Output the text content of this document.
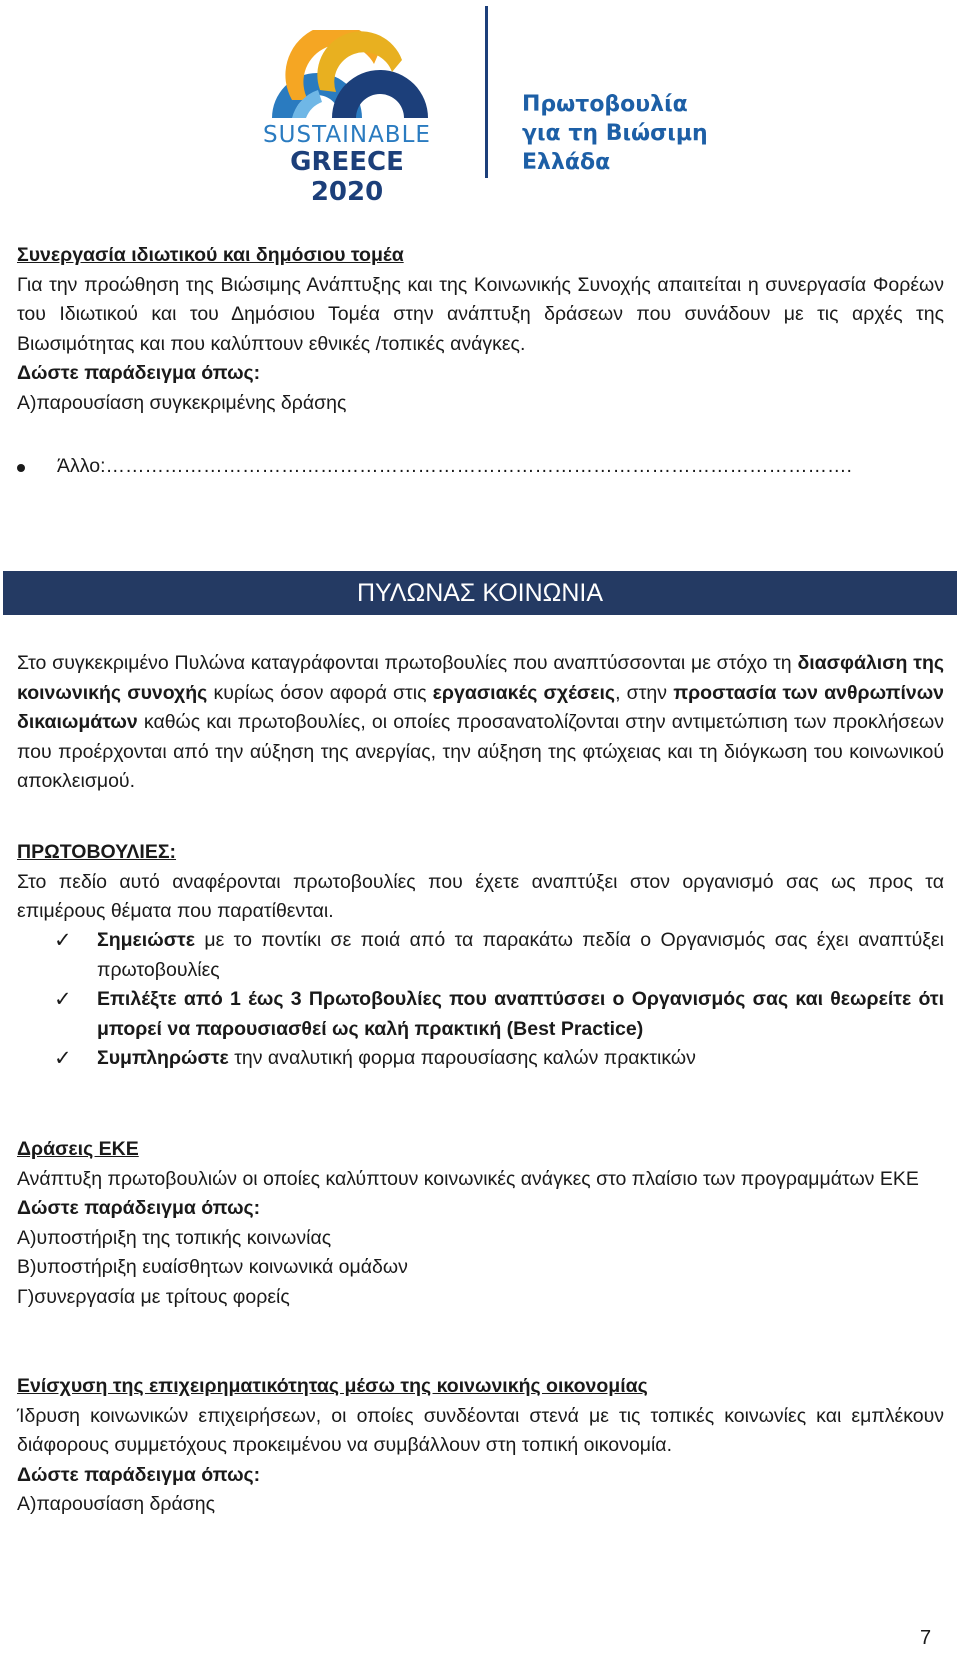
SUSTAINABLE
GREECE 2020
Πρωτοβουλία
για τη Βιώσιμη
Ελλάδα
Συνεργασία ιδιωτικού και δημόσιου τομέα
Για την προώθηση της Βιώσιμης Ανάπτυξης και της Κοινωνικής Συνοχής απαιτείται η συνεργασία Φορέων του Ιδιωτικού και του Δημόσιου Τομέα στην ανάπτυξη δράσεων που συνάδουν με τις αρχές της Βιωσιμότητας και που καλύπτουν εθνικές /τοπικές ανάγκες.
Δώστε παράδειγμα όπως:
Α)παρουσίαση συγκεκριμένης δράσης
Άλλο:…………………………………………………………………………………………………….
ΠΥΛΩΝΑΣ ΚΟΙΝΩΝΙΑ
Στο συγκεκριμένο Πυλώνα καταγράφονται πρωτοβουλίες που αναπτύσσονται με στόχο τη διασφάλιση της κοινωνικής συνοχής κυρίως όσον αφορά στις εργασιακές σχέσεις, στην προστασία των ανθρωπίνων δικαιωμάτων καθώς και πρωτοβουλίες, οι οποίες προσανατολίζονται στην αντιμετώπιση των προκλήσεων που προέρχονται από την αύξηση της ανεργίας, την αύξηση της φτώχειας και τη διόγκωση του κοινωνικού αποκλεισμού.
ΠΡΩΤΟΒΟΥΛΙΕΣ:
Στο πεδίο αυτό αναφέρονται πρωτοβουλίες που έχετε αναπτύξει στον οργανισμό σας ως προς τα επιμέρους θέματα που παρατίθενται.
✓ Σημειώστε με το ποντίκι σε ποιά από τα παρακάτω πεδία ο Οργανισμός σας έχει αναπτύξει πρωτοβουλίες
✓ Επιλέξτε από 1 έως 3 Πρωτοβουλίες που αναπτύσσει ο Οργανισμός σας και θεωρείτε ότι μπορεί να παρουσιασθεί ως καλή πρακτική (Best Practice)
✓ Συμπληρώστε την αναλυτική φορμα παρουσίασης καλών πρακτικών
Δράσεις ΕΚΕ
Ανάπτυξη πρωτοβουλιών οι οποίες καλύπτουν κοινωνικές ανάγκες στο πλαίσιο των προγραμμάτων ΕΚΕ
Δώστε παράδειγμα όπως:
Α)υποστήριξη της τοπικής κοινωνίας
Β)υποστήριξη ευαίσθητων κοινωνικά ομάδων
Γ)συνεργασία με τρίτους φορείς
Ενίσχυση της επιχειρηματικότητας μέσω της κοινωνικής οικονομίας
Ίδρυση κοινωνικών επιχειρήσεων, οι οποίες συνδέονται στενά με τις τοπικές κοινωνίες και εμπλέκουν διάφορους συμμετόχους προκειμένου να συμβάλλουν στη τοπική οικονομία.
Δώστε παράδειγμα όπως:
Α)παρουσίαση δράσης
7
